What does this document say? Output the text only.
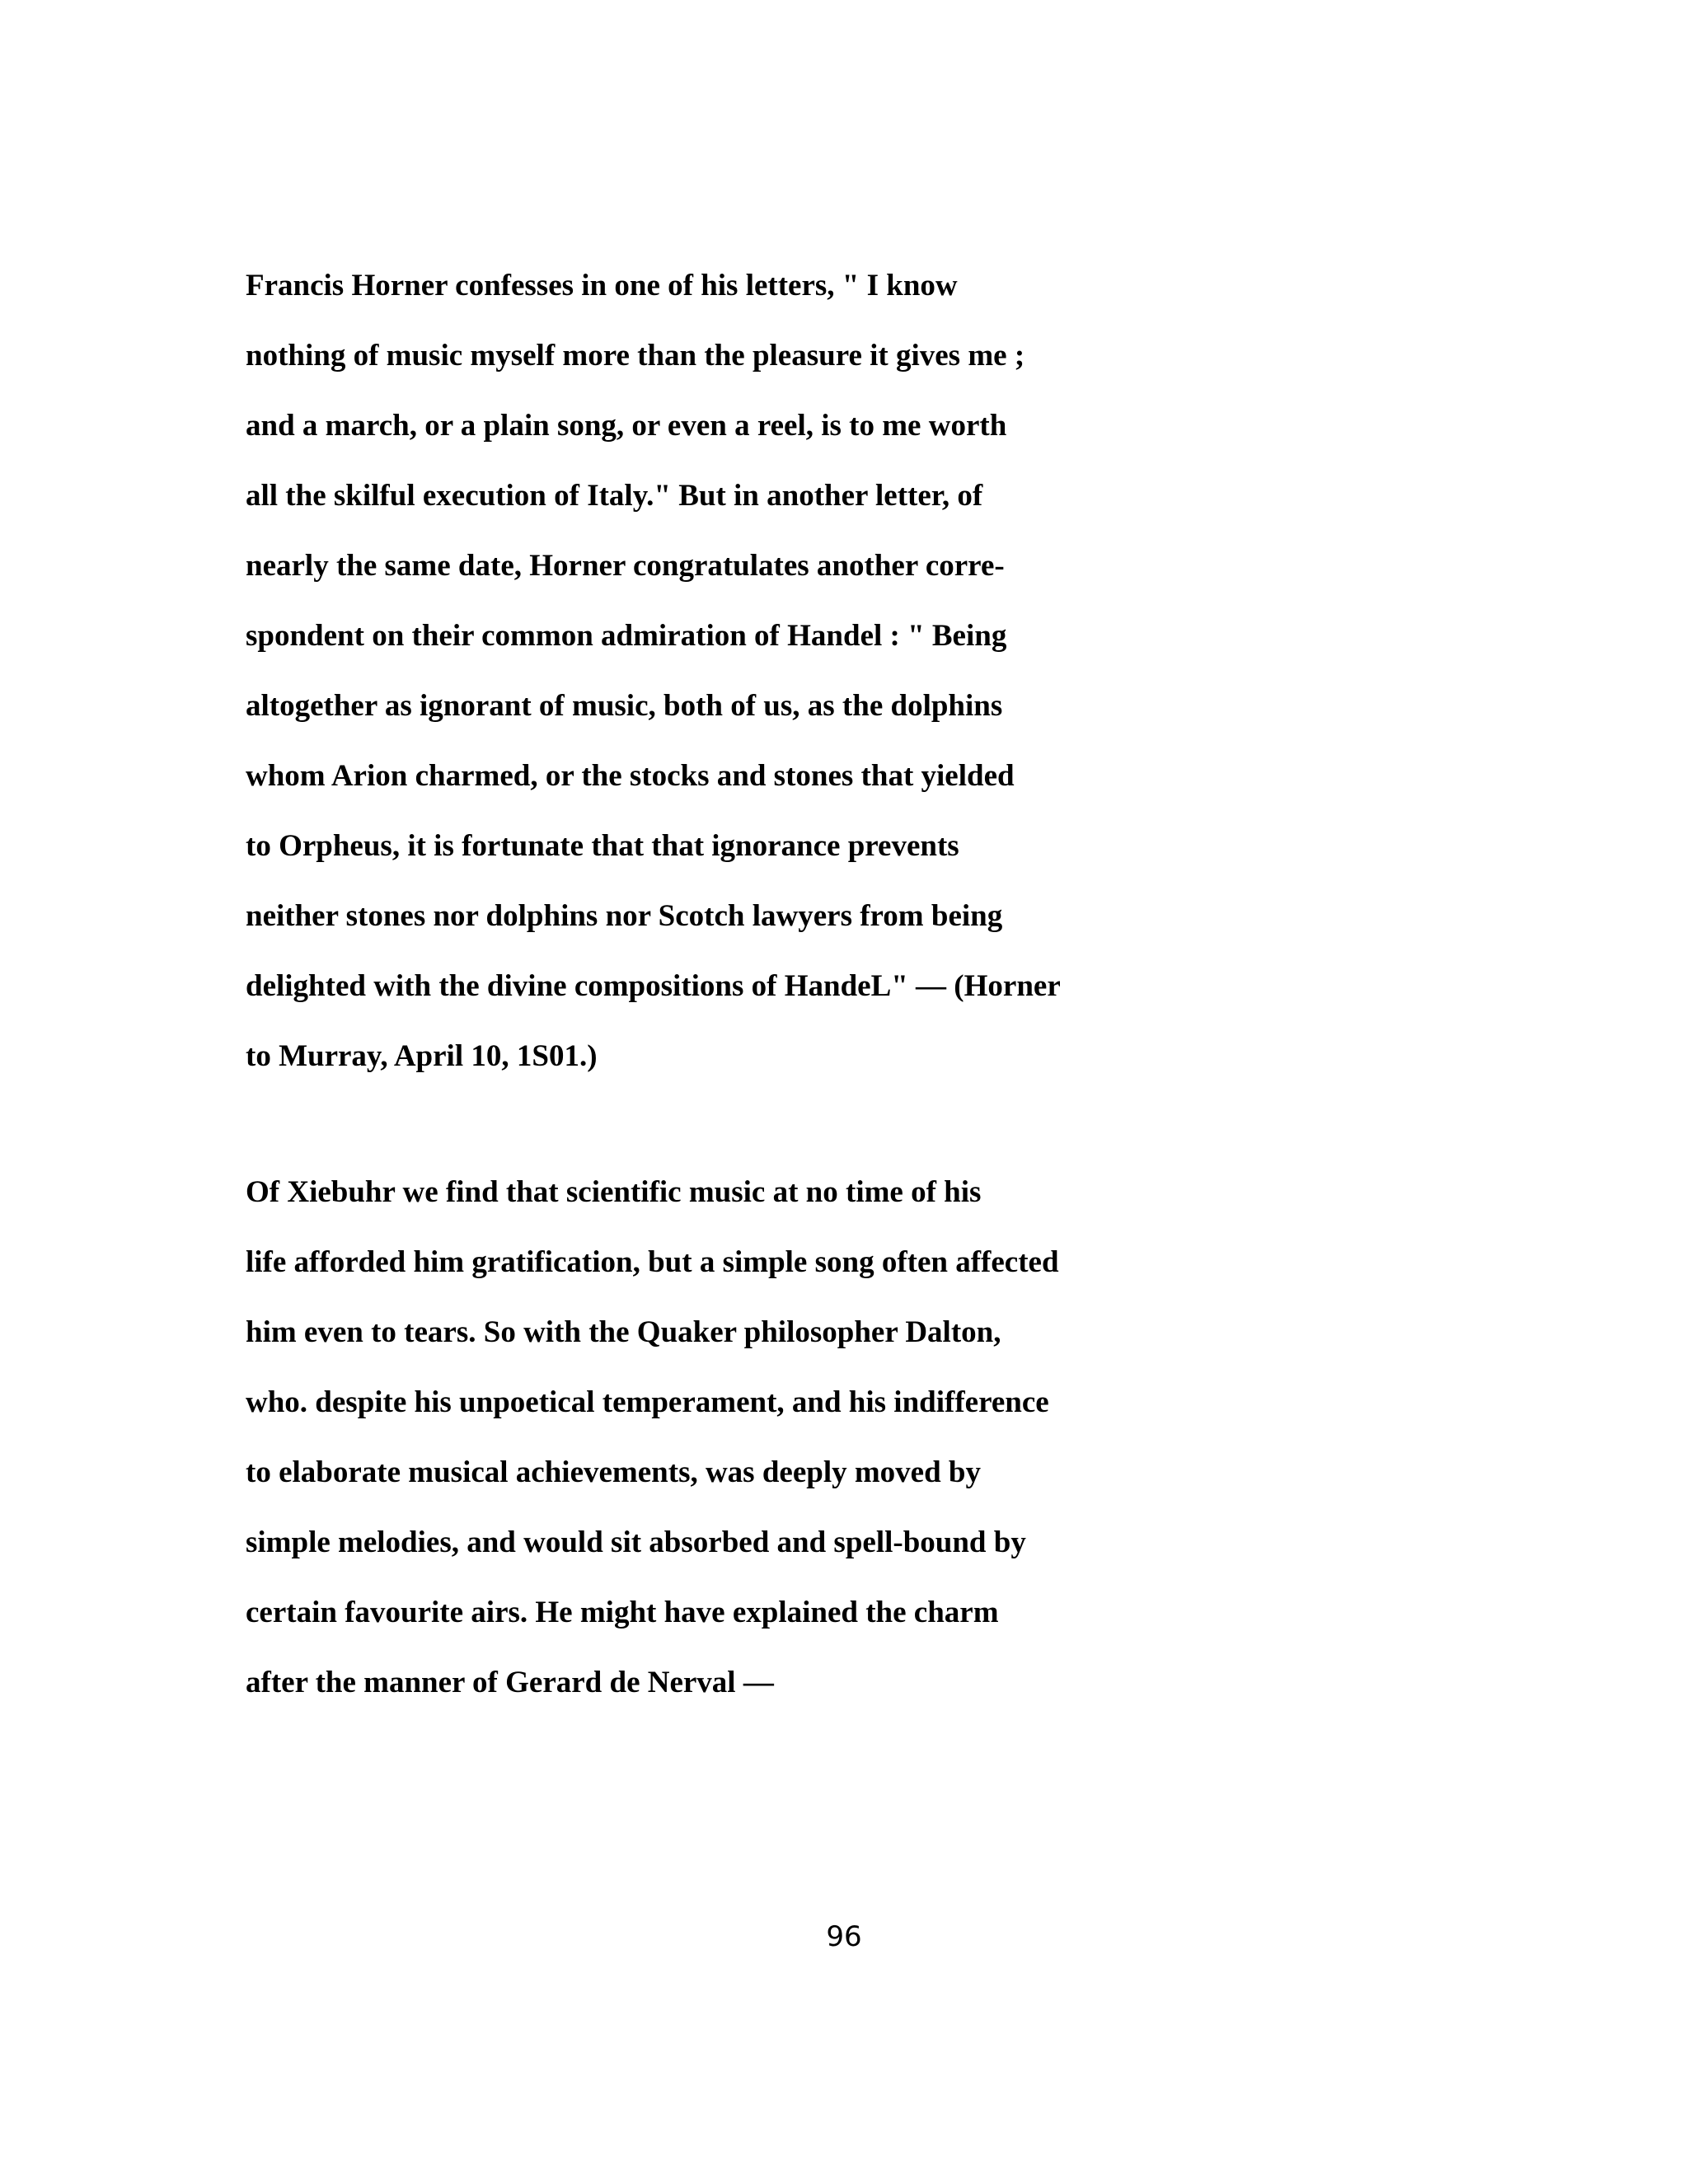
Francis Horner confesses in one of his letters, " I know
nothing of music myself more than the pleasure it gives me ;
and a march, or a plain song, or even a reel, is to me worth
all the skilful execution of Italy." But in another letter, of
nearly the same date, Horner congratulates another corre-
spondent on their common admiration of Handel : " Being
altogether as ignorant of music, both of us, as the dolphins
whom Arion charmed, or the stocks and stones that yielded
to Orpheus, it is fortunate that that ignorance prevents
neither stones nor dolphins nor Scotch lawyers from being
delighted with the divine compositions of HandeL" — (Horner
to Murray, April 10, 1S01.)
Of Xiebuhr we find that scientific music at no time of his
life afforded him gratification, but a simple song often affected
him even to tears. So with the Quaker philosopher Dalton,
who. despite his unpoetical temperament, and his indifference
to elaborate musical achievements, was deeply moved by
simple melodies, and would sit absorbed and spell-bound by
certain favourite airs. He might have explained the charm
after the manner of Gerard de Nerval —
96
